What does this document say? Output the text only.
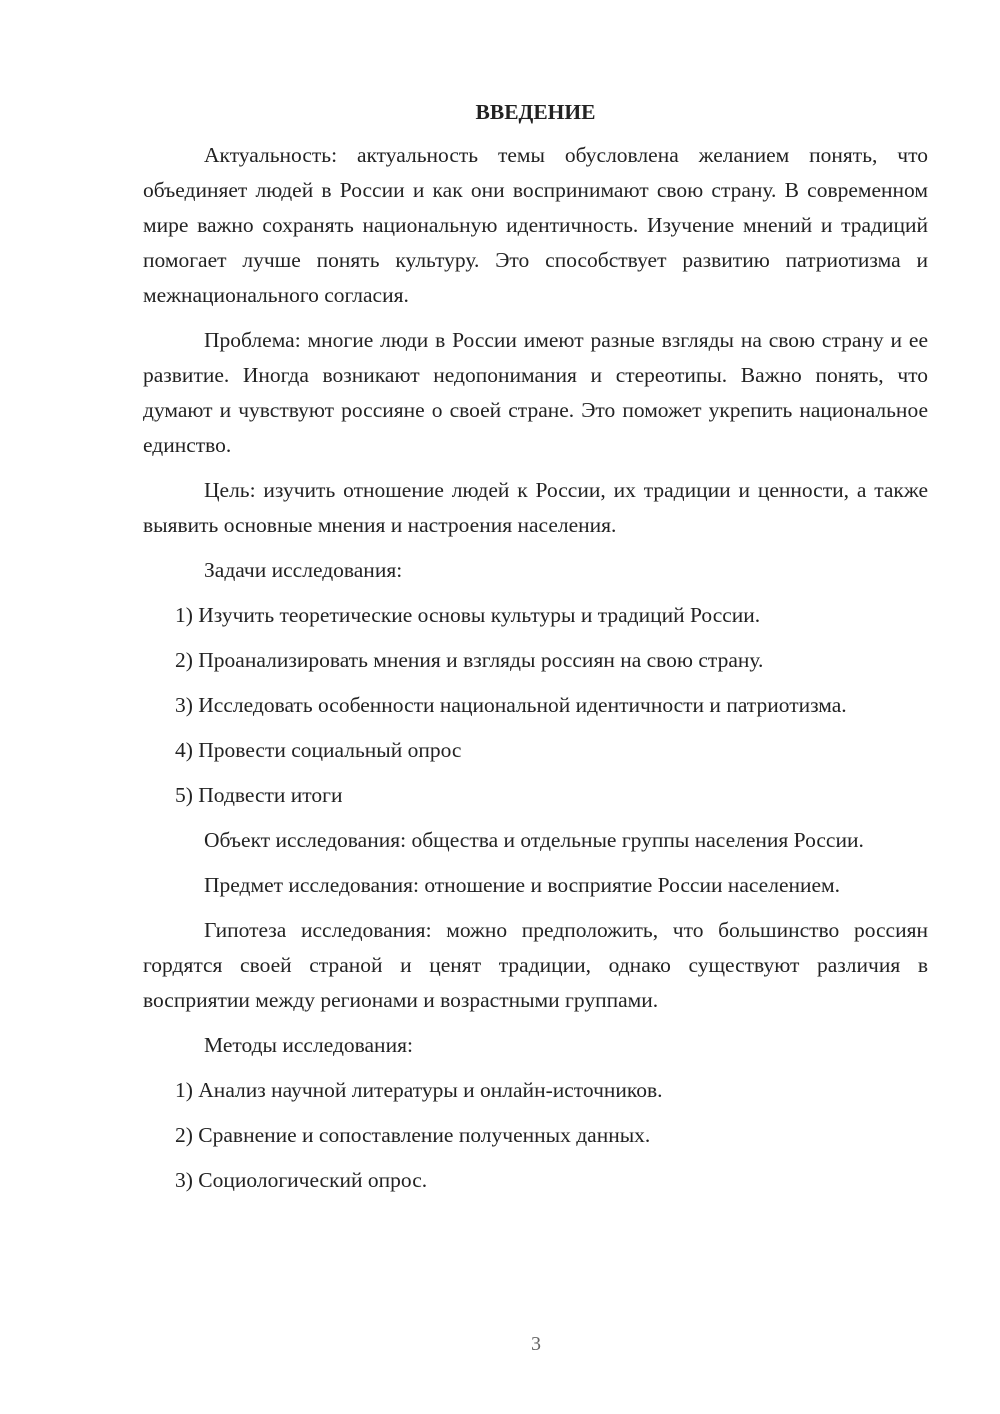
ВВЕДЕНИЕ

Актуальность: актуальность темы обусловлена желанием понять, что объединяет людей в России и как они воспринимают свою страну. В современном мире важно сохранять национальную идентичность. Изучение мнений и традиций помогает лучше понять культуру. Это способствует развитию патриотизма и межнационального согласия.

Проблема: многие люди в России имеют разные взгляды на свою страну и ее развитие. Иногда возникают недопонимания и стереотипы. Важно понять, что думают и чувствуют россияне о своей стране. Это поможет укрепить национальное единство.

Цель: изучить отношение людей к России, их традиции и ценности, а также выявить основные мнения и настроения населения.

Задачи исследования:

1) Изучить теоретические основы культуры и традиций России.

2) Проанализировать мнения и взгляды россиян на свою страну.

3) Исследовать особенности национальной идентичности и патриотизма.

4) Провести социальный опрос

5) Подвести итоги

Объект исследования: общества и отдельные группы населения России.

Предмет исследования: отношение и восприятие России населением.

Гипотеза исследования: можно предположить, что большинство россиян гордятся своей страной и ценят традиции, однако существуют различия в восприятии между регионами и возрастными группами.

Методы исследования:

1) Анализ научной литературы и онлайн-источников.

2) Сравнение и сопоставление полученных данных.

3) Социологический опрос.

3
